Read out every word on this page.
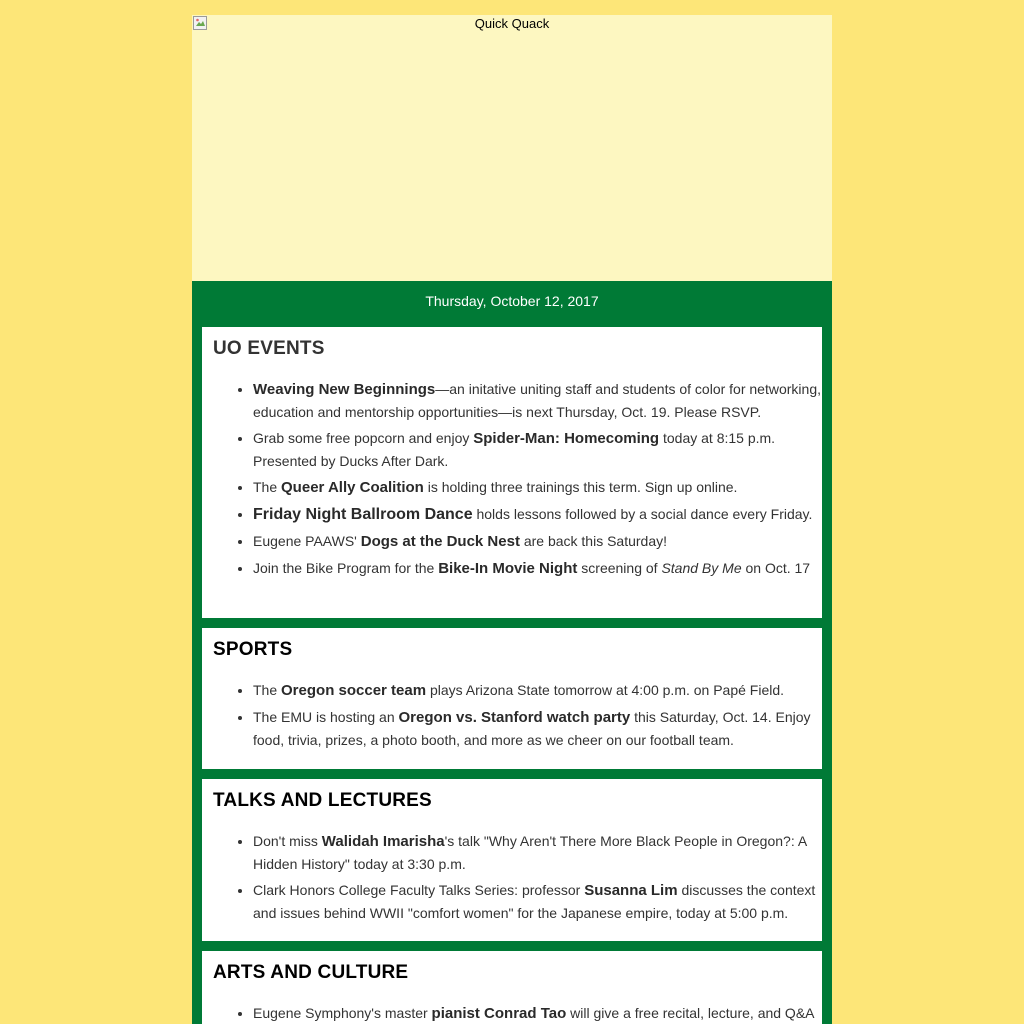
Quick Quack
Thursday, October 12, 2017
UO EVENTS
• Weaving New Beginnings—an initative uniting staff and students of color for networking, education and mentorship opportunities—is next Thursday, Oct. 19. Please RSVP.
• Grab some free popcorn and enjoy Spider-Man: Homecoming today at 8:15 p.m. Presented by Ducks After Dark.
• The Queer Ally Coalition is holding three trainings this term. Sign up online.
• Friday Night Ballroom Dance holds lessons followed by a social dance every Friday.
• Eugene PAAWS' Dogs at the Duck Nest are back this Saturday!
• Join the Bike Program for the Bike-In Movie Night screening of Stand By Me on Oct. 17
SPORTS
• The Oregon soccer team plays Arizona State tomorrow at 4:00 p.m. on Papé Field.
• The EMU is hosting an Oregon vs. Stanford watch party this Saturday, Oct. 14. Enjoy food, trivia, prizes, a photo booth, and more as we cheer on our football team.
TALKS AND LECTURES
• Don't miss Walidah Imarisha's talk "Why Aren't There More Black People in Oregon?: A Hidden History" today at 3:30 p.m.
• Clark Honors College Faculty Talks Series: professor Susanna Lim discusses the context and issues behind WWII "comfort women" for the Japanese empire, today at 5:00 p.m.
ARTS AND CULTURE
• Eugene Symphony's master pianist Conrad Tao will give a free recital, lecture, and Q&A
